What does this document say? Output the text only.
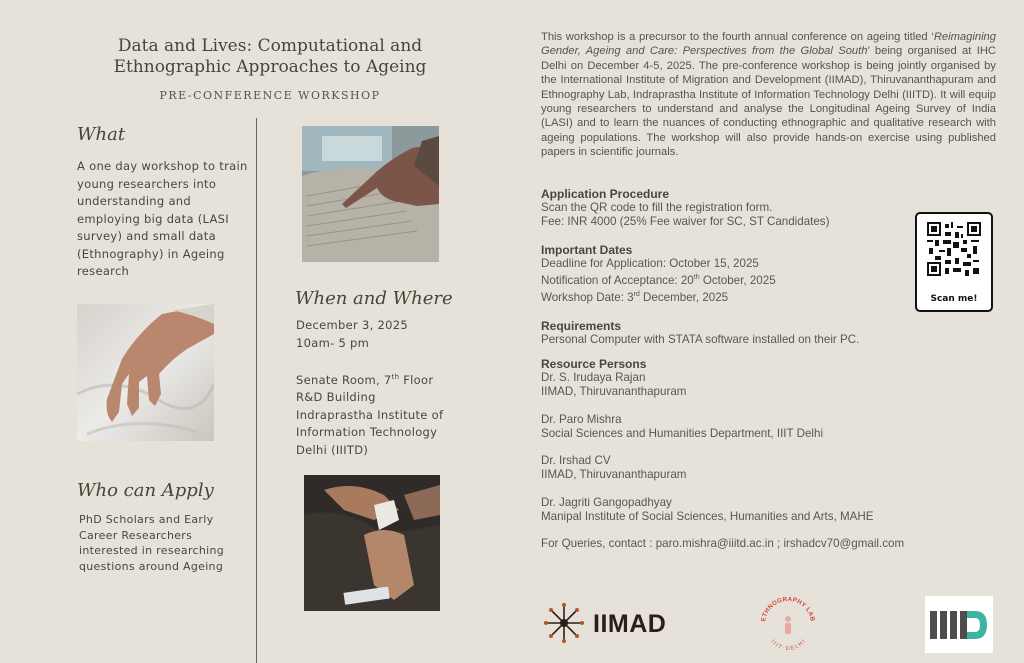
Data and Lives: Computational and Ethnographic Approaches to Ageing
PRE-CONFERENCE WORKSHOP
What
A one day workshop to train young researchers into understanding and employing big data (LASI survey) and small data (Ethnography) in Ageing research
Who can Apply
PhD Scholars and Early Career Researchers interested in researching questions around Ageing
When and Where
December 3, 2025
10am- 5 pm
Senate Room, 7th Floor
R&D Building
Indraprastha Institute of Information Technology Delhi (IIITD)
This workshop is a precursor to the fourth annual conference on ageing titled ‘Reimagining Gender, Ageing and Care: Perspectives from the Global South’ being organised at IHC Delhi on December 4-5, 2025. The pre-conference workshop is being jointly organised by the International Institute of Migration and Development (IIMAD), Thiruvananthapuram and Ethnography Lab, Indraprastha Institute of Information Technology Delhi (IIITD). It will equip young researchers to understand and analyse the Longitudinal Ageing Survey of India (LASI) and to learn the nuances of conducting ethnographic and qualitative research with ageing populations. The workshop will also provide hands-on exercise using published papers in scientific journals.
Application Procedure
Scan the QR code to fill the registration form.
Fee: INR 4000 (25% Fee waiver for SC, ST Candidates)
Important Dates
Deadline for Application: October 15, 2025
Notification of Acceptance: 20th October, 2025
Workshop Date: 3rd December, 2025
Requirements
Personal Computer with STATA software installed on their PC.
Resource Persons
Dr. S. Irudaya Rajan
IIMAD, Thiruvananthapuram
Dr. Paro Mishra
Social Sciences and Humanities Department, IIIT Delhi
Dr. Irshad CV
IIMAD, Thiruvananthapuram
Dr. Jagriti Gangopadhyay
Manipal Institute of Social Sciences, Humanities and Arts, MAHE
For Queries, contact : paro.mishra@iiitd.ac.in ; irshadcv70@gmail.com
Scan me!
IIMAD	ETHNOGRAPHY LAB
I I I T · D E L H I
